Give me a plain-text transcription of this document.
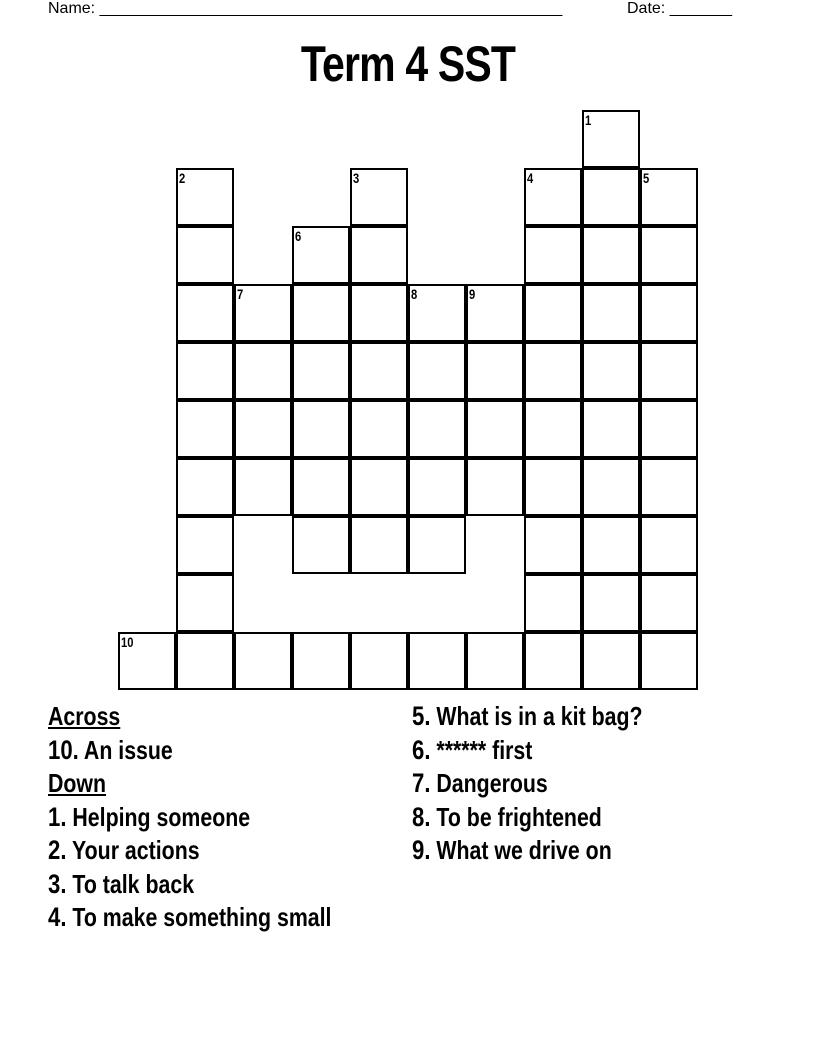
Name: ____________________________________________________	Date: _______
Term 4 SST
1
2	3	4	5
6
7	8	9
10
Across
10. An issue
Down
1. Helping someone
2. Your actions
3. To talk back
4. To make something small
5. What is in a kit bag?
6. ****** first
7. Dangerous
8. To be frightened
9. What we drive on
